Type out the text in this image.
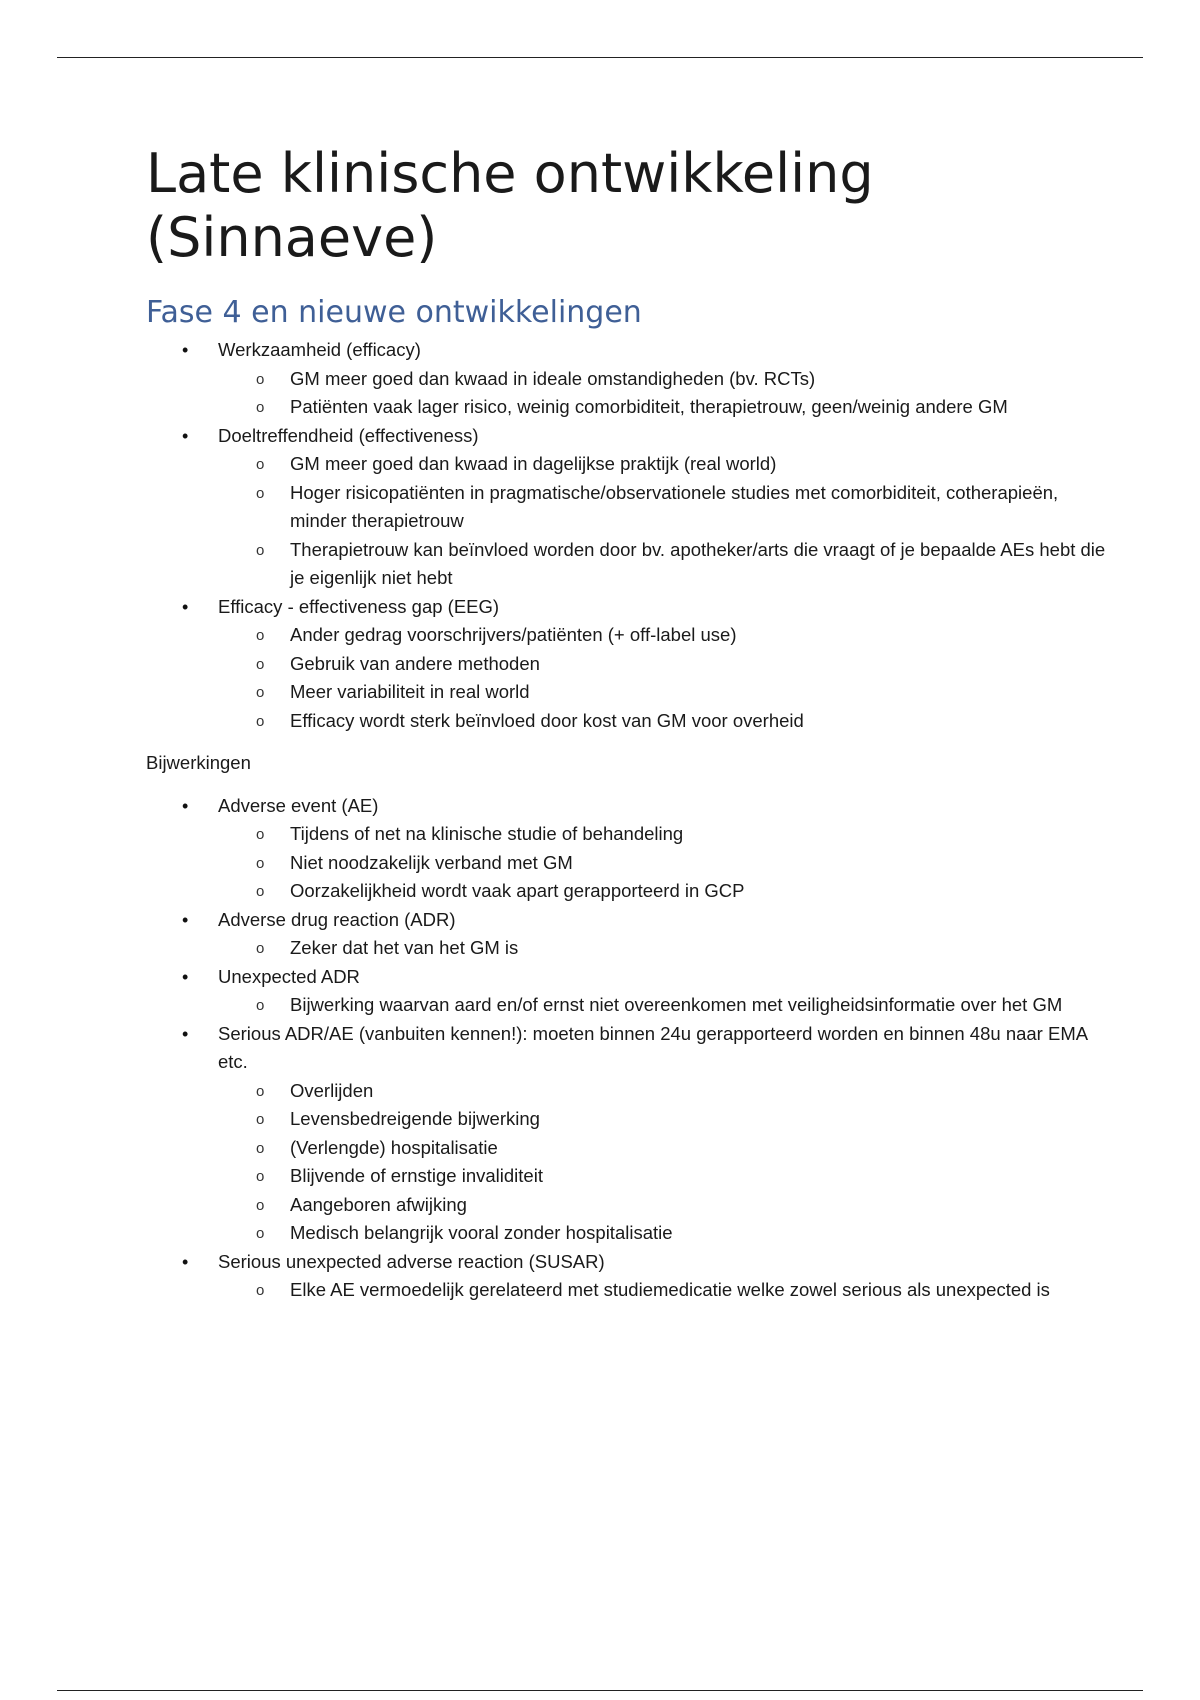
Late klinische ontwikkeling (Sinnaeve)
Fase 4 en nieuwe ontwikkelingen
• Werkzaamheid (efficacy)
o GM meer goed dan kwaad in ideale omstandigheden (bv. RCTs)
o Patiënten vaak lager risico, weinig comorbiditeit, therapietrouw, geen/weinig andere GM
• Doeltreffendheid (effectiveness)
o GM meer goed dan kwaad in dagelijkse praktijk (real world)
o Hoger risicopatiënten in pragmatische/observationele studies met comorbiditeit, cotherapieën, minder therapietrouw
o Therapietrouw kan beïnvloed worden door bv. apotheker/arts die vraagt of je bepaalde AEs hebt die je eigenlijk niet hebt
• Efficacy - effectiveness gap (EEG)
o Ander gedrag voorschrijvers/patiënten (+ off-label use)
o Gebruik van andere methoden
o Meer variabiliteit in real world
o Efficacy wordt sterk beïnvloed door kost van GM voor overheid

Bijwerkingen

• Adverse event (AE)
o Tijdens of net na klinische studie of behandeling
o Niet noodzakelijk verband met GM
o Oorzakelijkheid wordt vaak apart gerapporteerd in GCP
• Adverse drug reaction (ADR)
o Zeker dat het van het GM is
• Unexpected ADR
o Bijwerking waarvan aard en/of ernst niet overeenkomen met veiligheidsinformatie over het GM
• Serious ADR/AE (vanbuiten kennen!): moeten binnen 24u gerapporteerd worden en binnen 48u naar EMA etc.
o Overlijden
o Levensbedreigende bijwerking
o (Verlengde) hospitalisatie
o Blijvende of ernstige invaliditeit
o Aangeboren afwijking
o Medisch belangrijk vooral zonder hospitalisatie
• Serious unexpected adverse reaction (SUSAR)
o Elke AE vermoedelijk gerelateerd met studiemedicatie welke zowel serious als unexpected is
